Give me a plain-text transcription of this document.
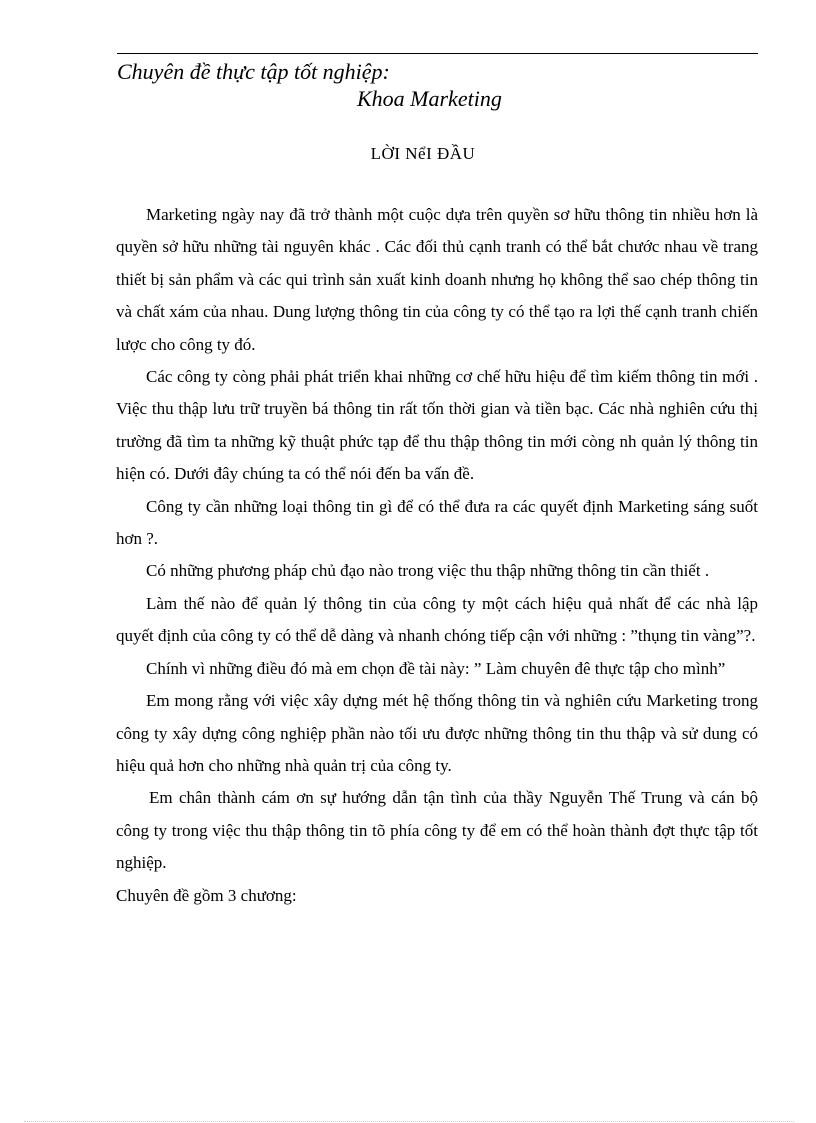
Chuyên đề thực tập tốt nghiệp:
Khoa Marketing
LỜI NểI ĐẦU

Marketing ngày nay đã trở thành một cuộc dựa trên quyền sơ hữu thông tin nhiều hơn là quyền sở hữu những tài nguyên khác . Các đối thủ cạnh tranh có thể bắt chước nhau về trang thiết bị sản phẩm và các qui trình sản xuất kinh doanh nhưng họ không thể sao chép thông tin và chất xám của nhau. Dung lượng thông tin của công ty có thể tạo ra lợi thế cạnh tranh chiến lược cho công ty đó.

Các công ty còng phải phát triển khai những cơ chế hữu hiệu để tìm kiếm thông tin mới . Việc thu thập lưu trữ truyền bá thông tin rất tốn thời gian và tiền bạc. Các nhà nghiên cứu thị trường đã tìm ta những kỹ thuật phức tạp để thu thập thông tin mới còng nh quản lý thông tin hiện có. Dưới đây chúng ta có thể nói đến ba vấn đề.

Công ty cần những loại thông tin gì để có thể đưa ra các quyết định Marketing sáng suốt hơn ?.

Có những phương pháp chủ đạo nào trong việc thu thập những thông tin cần thiết .

Làm thế nào để quản lý thông tin của công ty một cách hiệu quả nhất để các nhà lập quyết định của công ty có thể dễ dàng và nhanh chóng tiếp cận với những : ”thụng tin vàng”?.

Chính vì những điều đó mà em chọn đề tài này: ” Làm chuyên đê thực tập cho mình”

Em mong rằng với việc xây dựng mét hệ thống thông tin và nghiên cứu Marketing trong công ty xây dựng công nghiệp phần nào tối ưu được những thông tin thu thập và sử dung có hiệu quả hơn cho những nhà quản trị của công ty.

Em chân thành cám ơn sự hướng dẫn tận tình của thầy Nguyễn Thế Trung và cán bộ công ty trong việc thu thập thông tin tõ phía công ty để em có thể hoàn thành đợt thực tập tốt nghiệp.

Chuyên đề gồm 3 chương:
